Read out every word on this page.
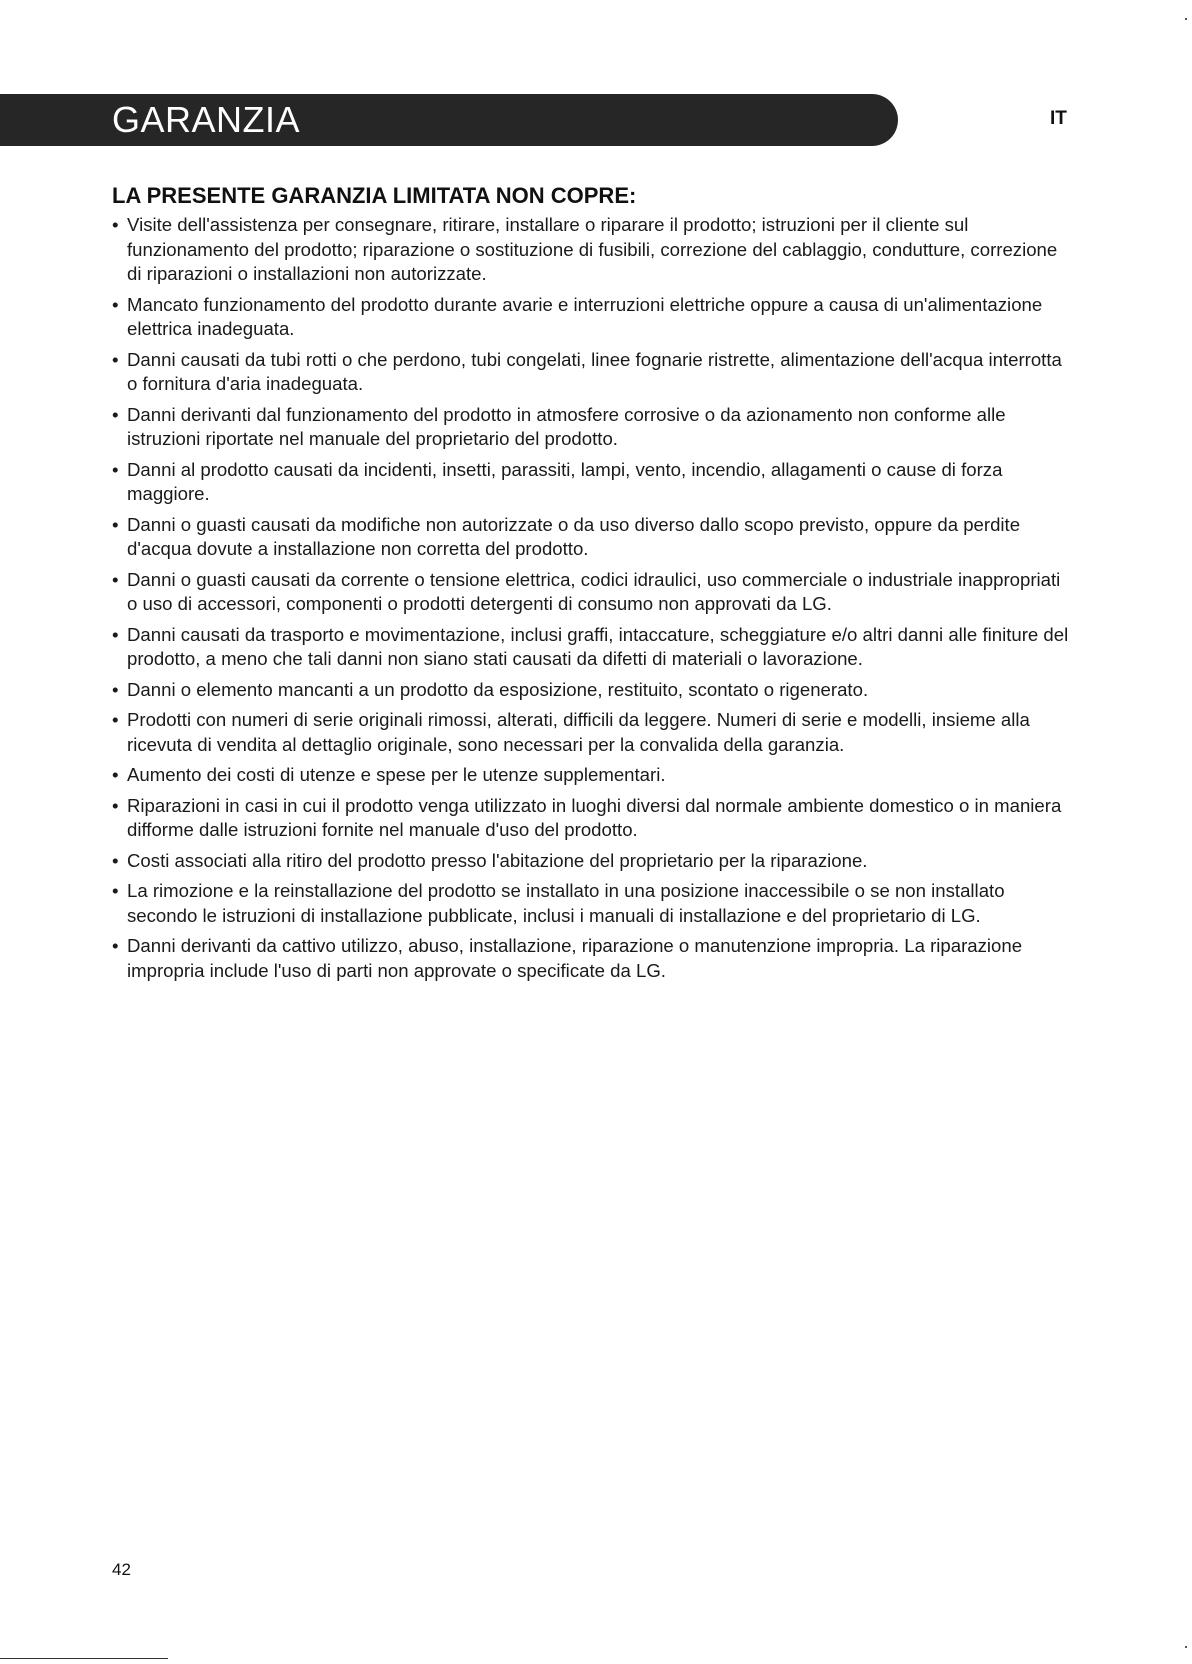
GARANZIA	IT
LA PRESENTE GARANZIA LIMITATA NON COPRE:
• Visite dell'assistenza per consegnare, ritirare, installare o riparare il prodotto; istruzioni per il cliente sul funzionamento del prodotto; riparazione o sostituzione di fusibili, correzione del cablaggio, condutture, correzione di riparazioni o installazioni non autorizzate.
• Mancato funzionamento del prodotto durante avarie e interruzioni elettriche oppure a causa di un'alimentazione elettrica inadeguata.
• Danni causati da tubi rotti o che perdono, tubi congelati, linee fognarie ristrette, alimentazione dell'acqua interrotta o fornitura d'aria inadeguata.
• Danni derivanti dal funzionamento del prodotto in atmosfere corrosive o da azionamento non conforme alle istruzioni riportate nel manuale del proprietario del prodotto.
• Danni al prodotto causati da incidenti, insetti, parassiti, lampi, vento, incendio, allagamenti o cause di forza maggiore.
• Danni o guasti causati da modifiche non autorizzate o da uso diverso dallo scopo previsto, oppure da perdite d'acqua dovute a installazione non corretta del prodotto.
• Danni o guasti causati da corrente o tensione elettrica, codici idraulici, uso commerciale o industriale inappropriati o uso di accessori, componenti o prodotti detergenti di consumo non approvati da LG.
• Danni causati da trasporto e movimentazione, inclusi graffi, intaccature, scheggiature e/o altri danni alle finiture del prodotto, a meno che tali danni non siano stati causati da difetti di materiali o lavorazione.
• Danni o elemento mancanti a un prodotto da esposizione, restituito, scontato o rigenerato.
• Prodotti con numeri di serie originali rimossi, alterati, difficili da leggere. Numeri di serie e modelli, insieme alla ricevuta di vendita al dettaglio originale, sono necessari per la convalida della garanzia.
• Aumento dei costi di utenze e spese per le utenze supplementari.
• Riparazioni in casi in cui il prodotto venga utilizzato in luoghi diversi dal normale ambiente domestico o in maniera difforme dalle istruzioni fornite nel manuale d'uso del prodotto.
• Costi associati alla ritiro del prodotto presso l'abitazione del proprietario per la riparazione.
• La rimozione e la reinstallazione del prodotto se installato in una posizione inaccessibile o se non installato secondo le istruzioni di installazione pubblicate, inclusi i manuali di installazione e del proprietario di LG.
• Danni derivanti da cattivo utilizzo, abuso, installazione, riparazione o manutenzione impropria. La riparazione impropria include l'uso di parti non approvate o specificate da LG.
42
